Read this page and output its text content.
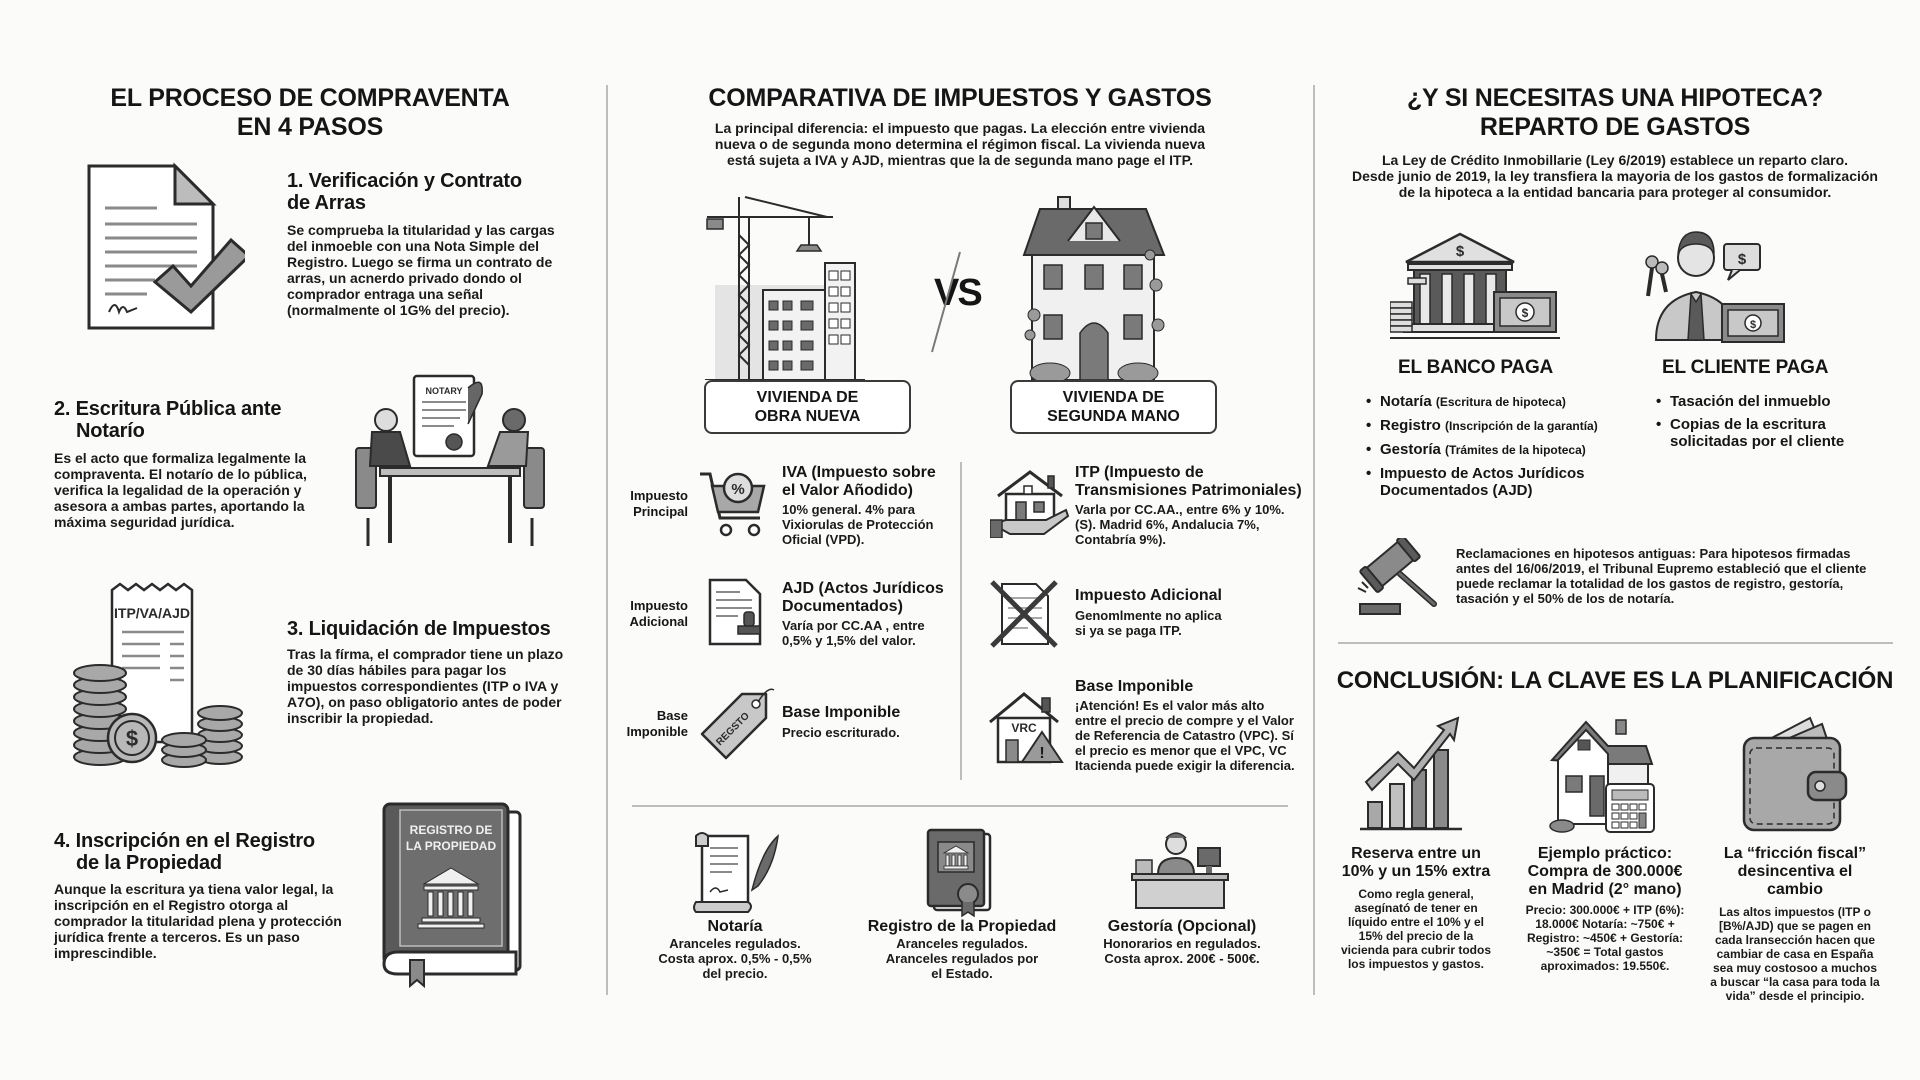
EL PROCESO DE COMPRAVENTA
EN 4 PASOS
1. Verificación y Contrato
de Arras

Se comprueba la titularidad y las cargas del inmoeble con una Nota Simple del Registro. Luego se firma un contrato de arras, un acnerdo privado dondo ol comprador entraga una señal (normalmente ol 1G% del precio).

2. Escritura Pública ante
Notarío

Es el acto que formaliza legalmente la compraventa. El notarío de lo pública, verifica la legalidad de la operación y asesora a ambas partes, aportando la máxima seguridad jurídica.

NOTARY
ITP/VA/AJD
$
3. Liquidación de Impuestos

Tras la fírma, el comprador tiene un plazo de 30 días hábiles para pagar los impuestos correspondientes (ITP o IVA y A7O), on paso obligatorio antes de poder inscribir la propiedad.

4. Inscripción en el Registro
de la Propiedad

Aunque la escritura ya tiena valor legal, la inscripción en el Registro otorga al comprador la titularidad plena y protección jurídica frente a terceros. Es un paso imprescindible.

REGISTRO DE
LA PROPIEDAD
COMPARATIVA DE IMPUESTOS Y GASTOS
La principal diferencia: el impuesto que pagas. La elección entre vivienda
nueva o de segunda mono determina el régimon fiscal. La vivienda nueva
está sujeta a IVA y AJD, mientras que la de segunda mano page el ITP.
VIVIENDA DE
OBRA NUEVA
VS
VIVIENDA DE
SEGUNDA MANO
Impuesto
Principal
%
IVA (Impuesto sobre
el Valor Añodido)

10% general. 4% para Vixiorulas de Protección Oficial (VPD).

ITP (Impuesto de
Transmisiones Patrimoniales)

Varla por CC.AA., entre 6% y 10%. (S). Madrid 6%, Andalucia 7%, Contabría 9%).

Impuesto
Adicional
AJD (Actos Jurídicos
Documentados)

Varía por CC.AA , entre 0,5% y 1,5% del valor.

Impuesto Adicional

Genomlmente no aplica si ya se paga ITP.

Base
Imponible	REGSTO Base Imponible

Precio escriturado.	VRC
!
Base Imponible

¡Atención! Es el valor más alto entre el precio de compre y el Valor de Referencia de Catastro (VPC). Sí el precio es menor que el VPC, VC Itacienda puede exigir la diferencia.

Notaría
Aranceles regulados.
Costa aprox. 0,5% - 0,5%
del precio.
Registro de la Propiedad
Aranceles regulados.
Aranceles regulados por
el Estado.
Gestoría (Opcional)
Honorarios en regulados.
Costa aprox. 200€ - 500€.
¿Y SI NECESITAS UNA HIPOTECA?
REPARTO DE GASTOS
La Ley de Crédito Inmobillarie (Ley 6/2019) establece un reparto claro.
Desde junio de 2019, la ley transfiera la mayoria de los gastos de formalización
de la hipoteca a la entidad bancaria para proteger al consumidor.
$
$
$
$
EL BANCO PAGA
• Notaría (Escritura de hipoteca)
• Registro (Inscripción de la garantía)
• Gestoría (Trámites de la hipoteca)
• Impuesto de Actos Jurídicos Documentados (AJD)
EL CLIENTE PAGA
• Tasación del inmueblo
• Copias de la escritura solicitadas por el cliente

Reclamaciones en hipotesos antiguas: Para hipotesos firmadas antes del 16/06/2019, el Tribunal Eupremo estableció que el cliente puede reclamar la totalidad de los gastos de registro, gestoría, tasación y el 50% de los de notaría.

CONCLUSIÓN: LA CLAVE ES LA PLANIFICACIÓN
Reserva entre un
10% y un 15% extra

Como regla general, asegínató de tener en líquido entre el 10% y el 15% del precio de la vicienda para cubrir todos los impuestos y gastos.

Ejemplo práctico:
Compra de 300.000€
en Madrid (2° mano)

Precio: 300.000€ + ITP (6%): 18.000€ Notaría: ~750€ + Registro: ~450€ + Gestoría: ~350€ = Total gastos aproximados: 19.550€.

La “fricción fiscal”
desincentiva el cambio

Las altos impuestos (ITP o [B%/AJD) que se pagen en cada lransección hacen que cambiar de casa en España sea muy costosoo a muchos a buscar “la casa para toda la vida” desde el principio.
